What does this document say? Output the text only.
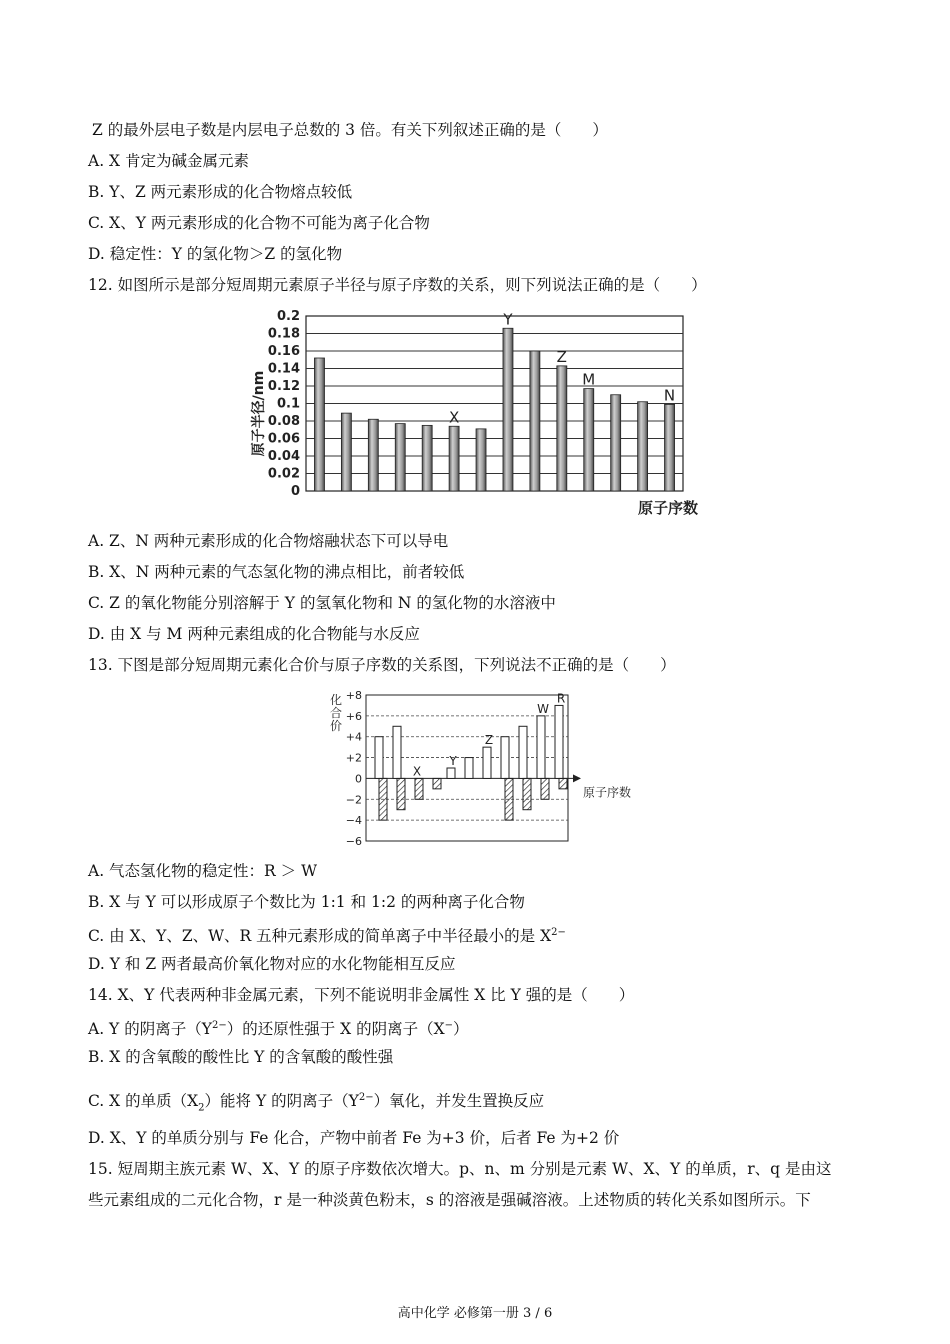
Z 的最外层电子数是内层电子总数的 3 倍。有关下列叙述正确的是（　　）
A. X 肯定为碱金属元素
B. Y、Z 两元素形成的化合物熔点较低
C. X、Y 两元素形成的化合物不可能为离子化合物
D. 稳定性：Y 的氢化物＞Z 的氢化物
12. 如图所示是部分短周期元素原子半径与原子序数的关系，则下列说法正确的是（　　）
0
0.02
0.04
0.06
0.08
0.1
0.12
0.14
0.16
0.18
0.2
X
Y
Z
M
N
原子半径/nm
原子序数
A. Z、N 两种元素形成的化合物熔融状态下可以导电
B. X、N 两种元素的气态氢化物的沸点相比，前者较低
C. Z 的氧化物能分别溶解于 Y 的氢氧化物和 N 的氢化物的水溶液中
D. 由 X 与 M 两种元素组成的化合物能与水反应
13. 下图是部分短周期元素化合价与原子序数的关系图，下列说法不正确的是（　　）
+8
+6
+4
+2
0
−2
−4
−6
X
Y
Z
W
R
化
合
价
原子序数
A. 气态氢化物的稳定性：R ＞ W
B. X 与 Y 可以形成原子个数比为 1:1 和 1:2 的两种离子化合物
C. 由 X、Y、Z、W、R 五种元素形成的简单离子中半径最小的是 $X^{2-}$
D. Y 和 Z 两者最高价氧化物对应的水化物能相互反应
14. X、Y 代表两种非金属元素，下列不能说明非金属性 X 比 Y 强的是（　　）
A. Y 的阴离子$(Y^{2-})$的还原性强于 X 的阴离子（X−）
B. X 的含氧酸的酸性比 Y 的含氧酸的酸性强
C. X 的单质$(X_2)$能将 Y 的阴离子$(Y^{2-})$氧化，并发生置换反应
D. X、Y 的单质分别与 Fe 化合，产物中前者 Fe 为+3 价，后者 Fe 为+2 价
15. 短周期主族元素 W、X、Y 的原子序数依次增大。p、n、m 分别是元素 W、X、Y 的单质，r、q 是由这
些元素组成的二元化合物，r 是一种淡黄色粉末，s 的溶液是强碱溶液。上述物质的转化关系如图所示。下
高中化学 必修第一册 3 / 6
